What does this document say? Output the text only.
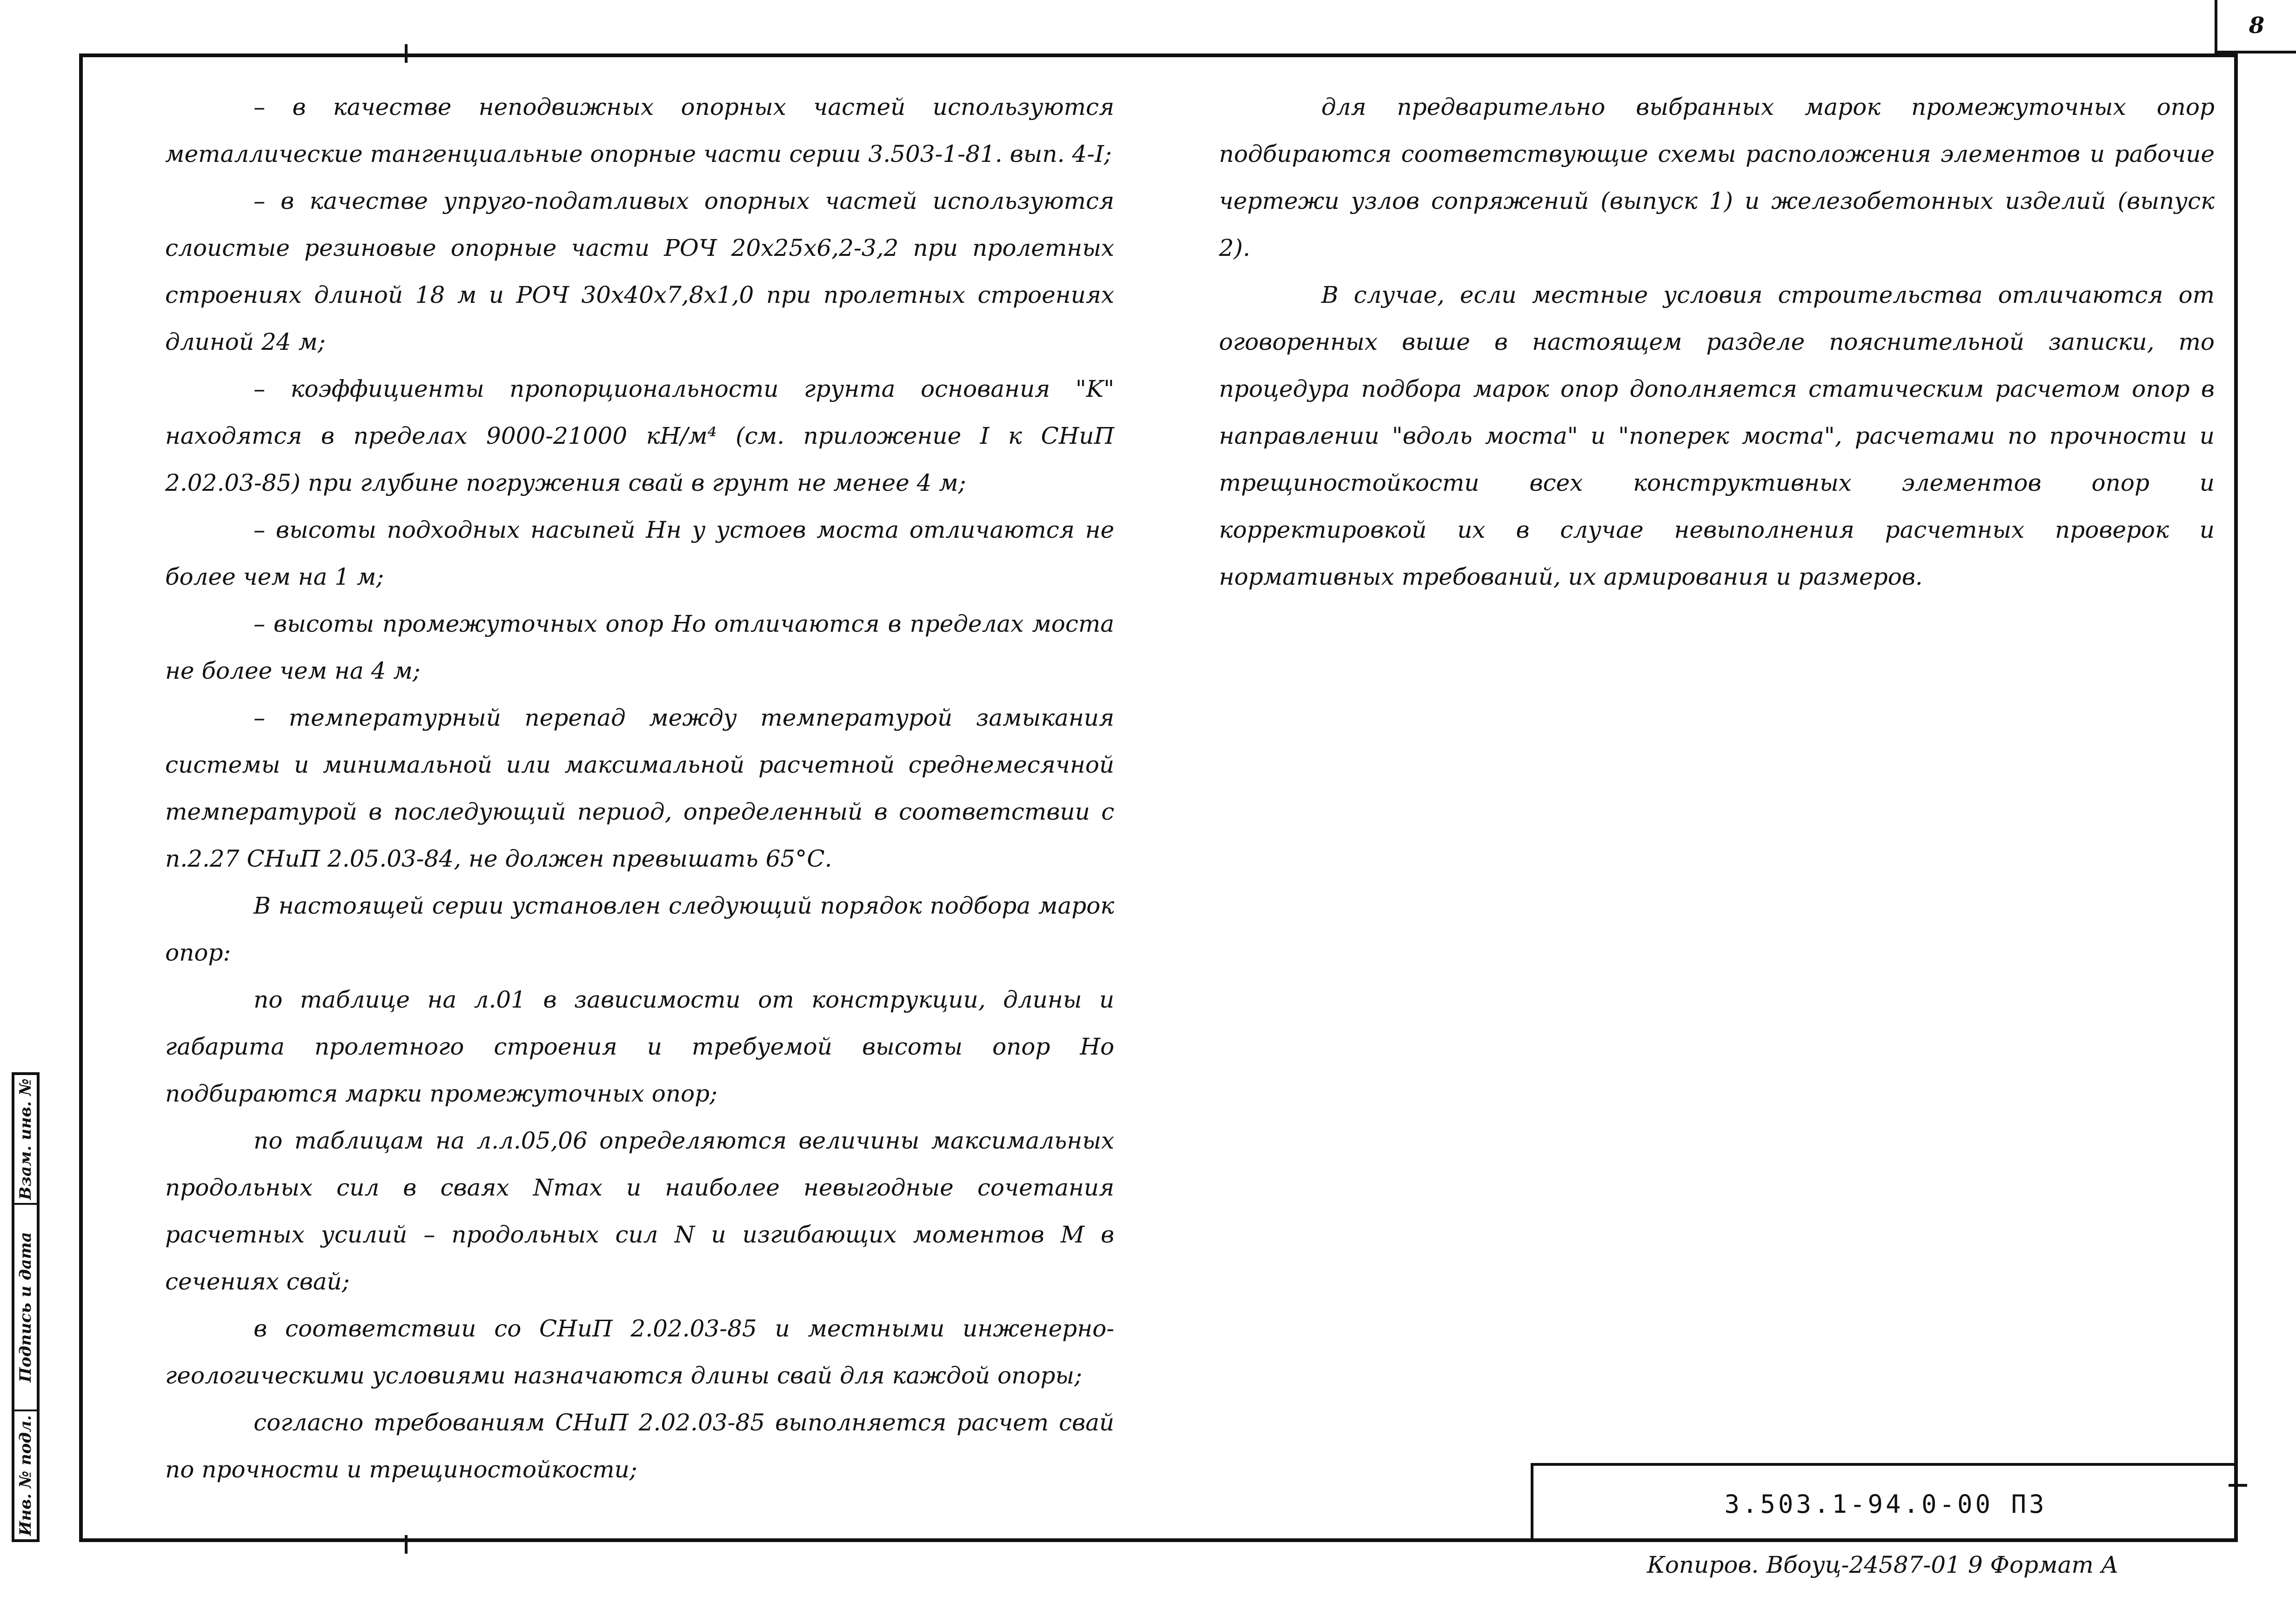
8

– в качестве неподвижных опорных частей используются металлические тангенциальные опорные части серии 3.503-1-81. вып. 4-I;

– в качестве упруго-податливых опорных частей используются слоистые резиновые опорные части РОЧ 20x25x6,2-3,2 при пролетных строениях длиной 18 м и РОЧ 30x40x7,8x1,0 при пролетных строениях длиной 24 м;

– коэффициенты пропорциональности грунта основания "K" находятся в пределах 9000-21000 кН/м⁴ (см. приложение I к СНиП 2.02.03-85) при глубине погружения свай в грунт не менее 4 м;

– высоты подходных насыпей Нн у устоев моста отличаются не более чем на 1 м;

– высоты промежуточных опор Но отличаются в пределах моста не более чем на 4 м;

– температурный перепад между температурой замыкания системы и минимальной или максимальной расчетной среднемесячной температурой в последующий период, определенный в соответствии с п.2.27 СНиП 2.05.03-84, не должен превышать 65°С.

В настоящей серии установлен следующий порядок подбора марок опор:

по таблице на л.01 в зависимости от конструкции, длины и габарита пролетного строения и требуемой высоты опор Но подбираются марки промежуточных опор;

по таблицам на л.л.05,06 определяются величины максимальных продольных сил в сваях Nmax и наиболее невыгодные сочетания расчетных усилий – продольных сил N и изгибающих моментов М в сечениях свай;

в соответствии со СНиП 2.02.03-85 и местными инженерно-геологическими условиями назначаются длины свай для каждой опоры;

согласно требованиям СНиП 2.02.03-85 выполняется расчет свай по прочности и трещиностойкости;

для предварительно выбранных марок промежуточных опор подбираются соответствующие схемы расположения элементов и рабочие чертежи узлов сопряжений (выпуск 1) и железобетонных изделий (выпуск 2).

В случае, если местные условия строительства отличаются от оговоренных выше в настоящем разделе пояснительной записки, то процедура подбора марок опор дополняется статическим расчетом опор в направлении "вдоль моста" и "поперек моста", расчетами по прочности и трещиностойкости всех конструктивных элементов опор и корректировкой их в случае невыполнения расчетных проверок и нормативных требований, их армирования и размеров.

Взам. инв. №
Подпись и дата
Инв. № подл.	3.503.1-94.0-00 ПЗ
Копиров. Вбоуц-24587-01 9 Формат А
